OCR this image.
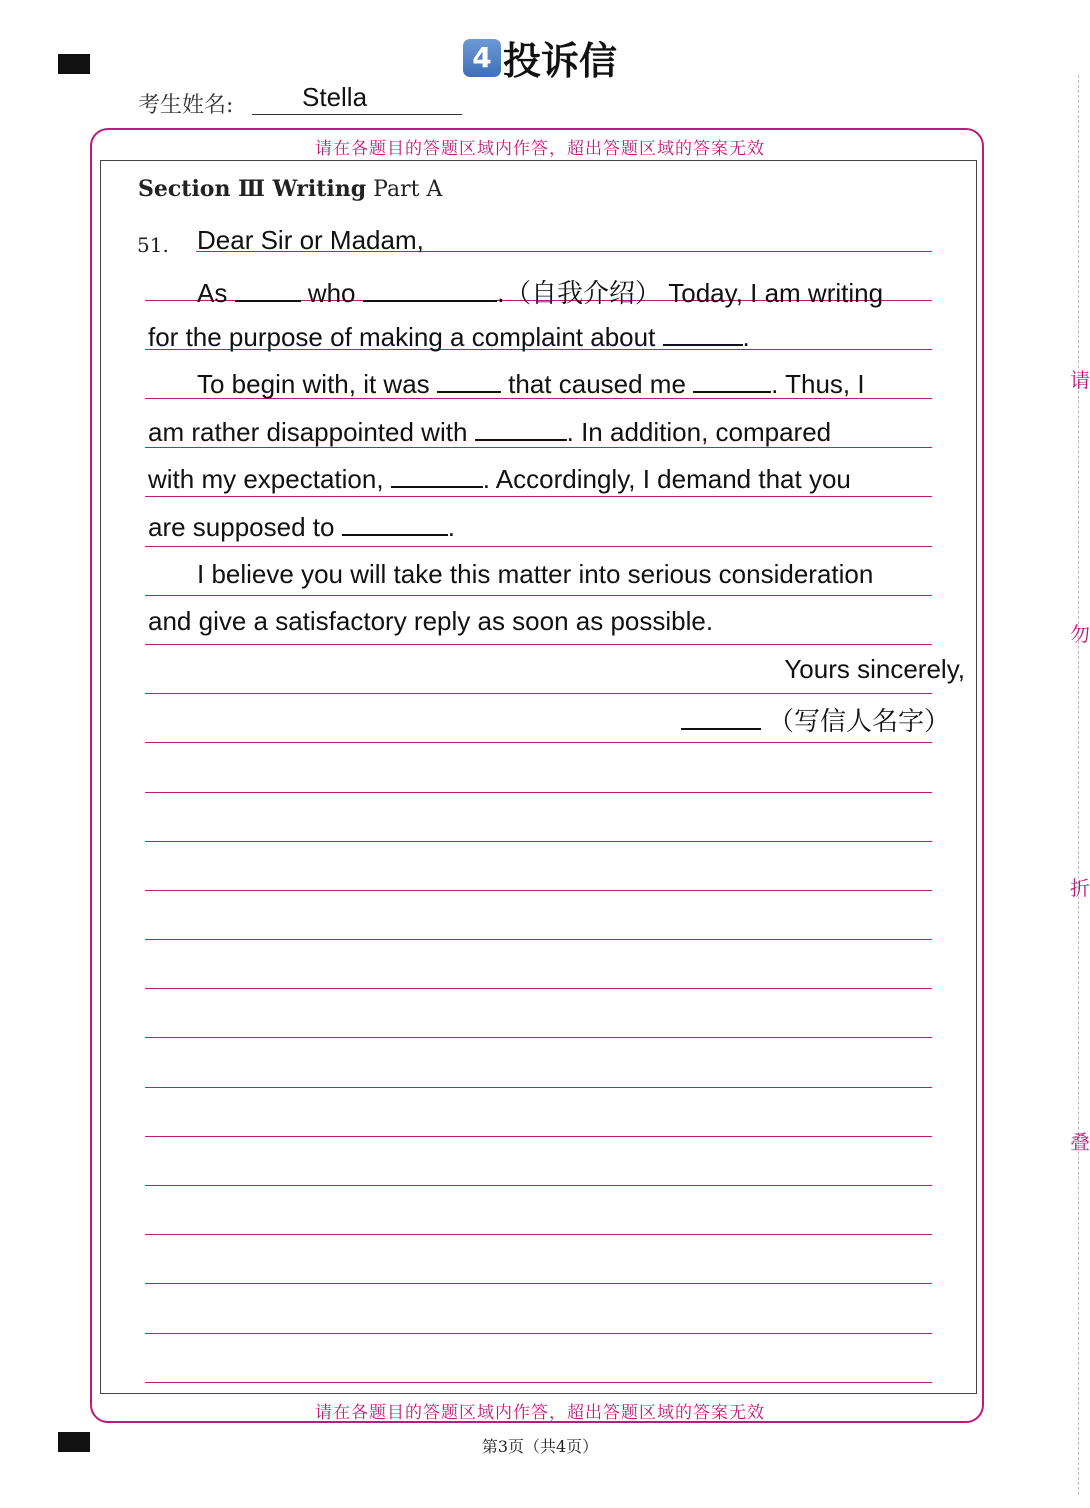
4 投诉信
考生姓名:	Stella
请在各题目的答题区域内作答，超出答题区域的答案无效
请在各题目的答题区域内作答，超出答题区域的答案无效
Section Ⅲ Writing Part A
51. Dear Sir or Madam,
As	who	.（自我介绍） Today, I am writing
for the purpose of making a complaint about	.
To begin with, it was	that caused me	. Thus, I
am rather disappointed with	. In addition, compared
with my expectation,	. Accordingly, I demand that you
are supposed to	.
I believe you will take this matter into serious consideration
and give a satisfactory reply as soon as possible.
Yours sincerely,
（写信人名字）
第3页（共4页）
请
勿
折
叠
